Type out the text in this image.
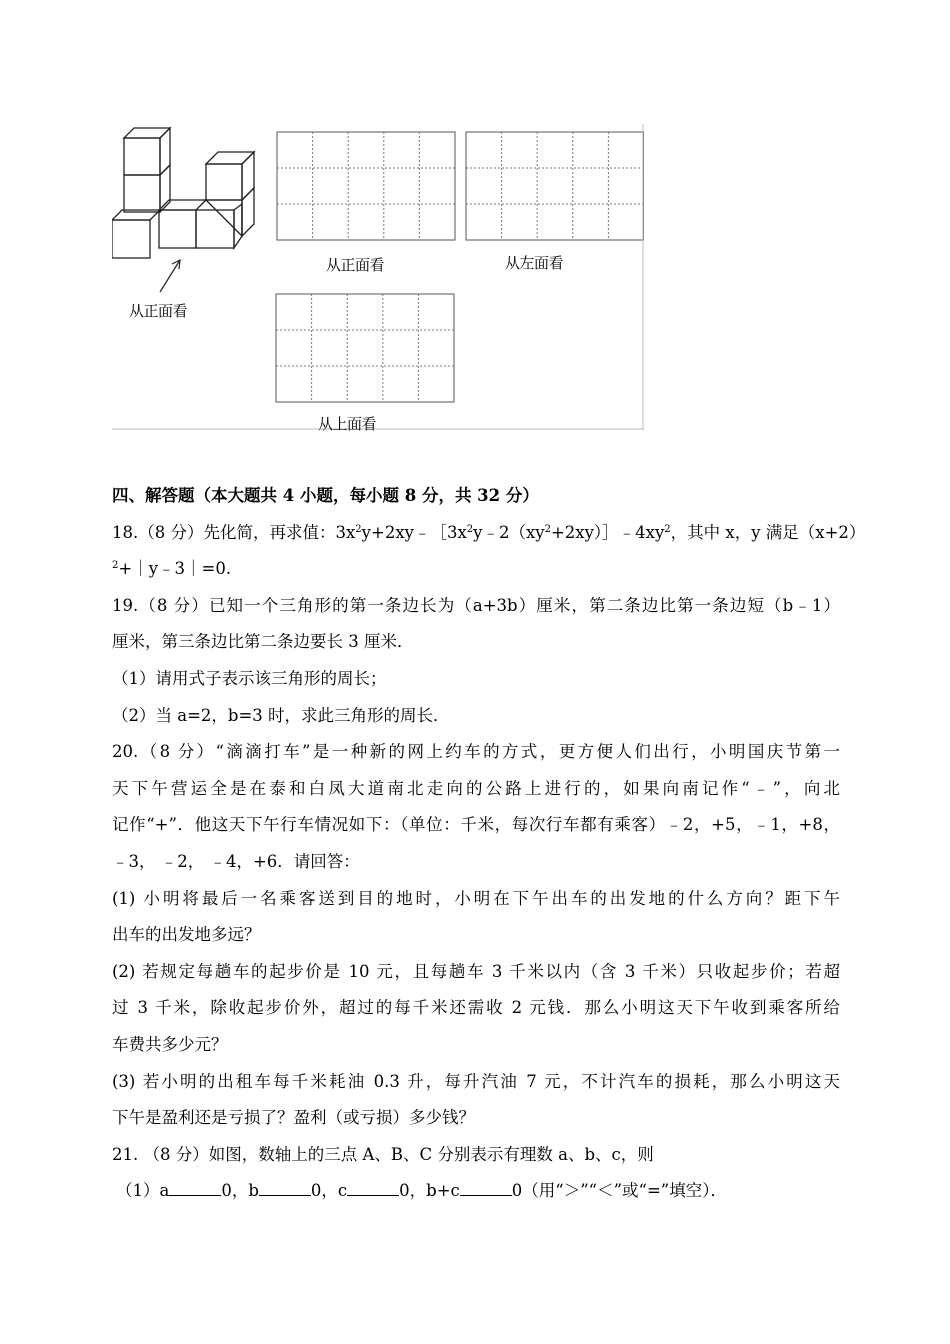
从正面看
从正面看	从左面看
从上面看
四、解答题（本大题共 4 小题，每小题 8 分，共 32 分）
18.（8 分）先化简，再求值：$3x^2y+2xy﹣[3x^2y﹣2(xy^2+2xy)]﹣4xy^2$，其中 x，y 满足（x+2）
$^2$+｜y﹣3｜=0.
19.（8 分）已知一个三角形的第一条边长为（a+3b）厘米，第二条边比第一条边短（b﹣1）
厘米，第三条边比第二条边要长 3 厘米．
（1）请用式子表示该三角形的周长；
（2）当 a=2，b=3 时，求此三角形的周长．
20.（8 分）“滴滴打车”是一种新的网上约车的方式，更方便人们出行，小明国庆节第一
天下午营运全是在泰和白凤大道南北走向的公路上进行的，如果向南记作“﹣”，向北
记作“+”．他这天下午行车情况如下：（单位：千米，每次行车都有乘客）﹣2，+5，﹣1，+8，
﹣3， ﹣2， ﹣4，+6．请回答：
(1) 小明将最后一名乘客送到目的地时，小明在下午出车的出发地的什么方向？距下午
出车的出发地多远？
(2) 若规定每趟车的起步价是 10 元，且每趟车 3 千米以内（含 3 千米）只收起步价；若超
过 3 千米，除收起步价外，超过的每千米还需收 2 元钱．那么小明这天下午收到乘客所给
车费共多少元？
(3) 若小明的出租车每千米耗油 0.3 升，每升汽油 7 元，不计汽车的损耗，那么小明这天
下午是盈利还是亏损了？盈利（或亏损）多少钱？
21. （8 分）如图，数轴上的三点 A、B、C 分别表示有理数 a、b、c，则
（1）a	0，b	0，c	0，b+c	0（用“＞”“＜”或“=”填空）．
